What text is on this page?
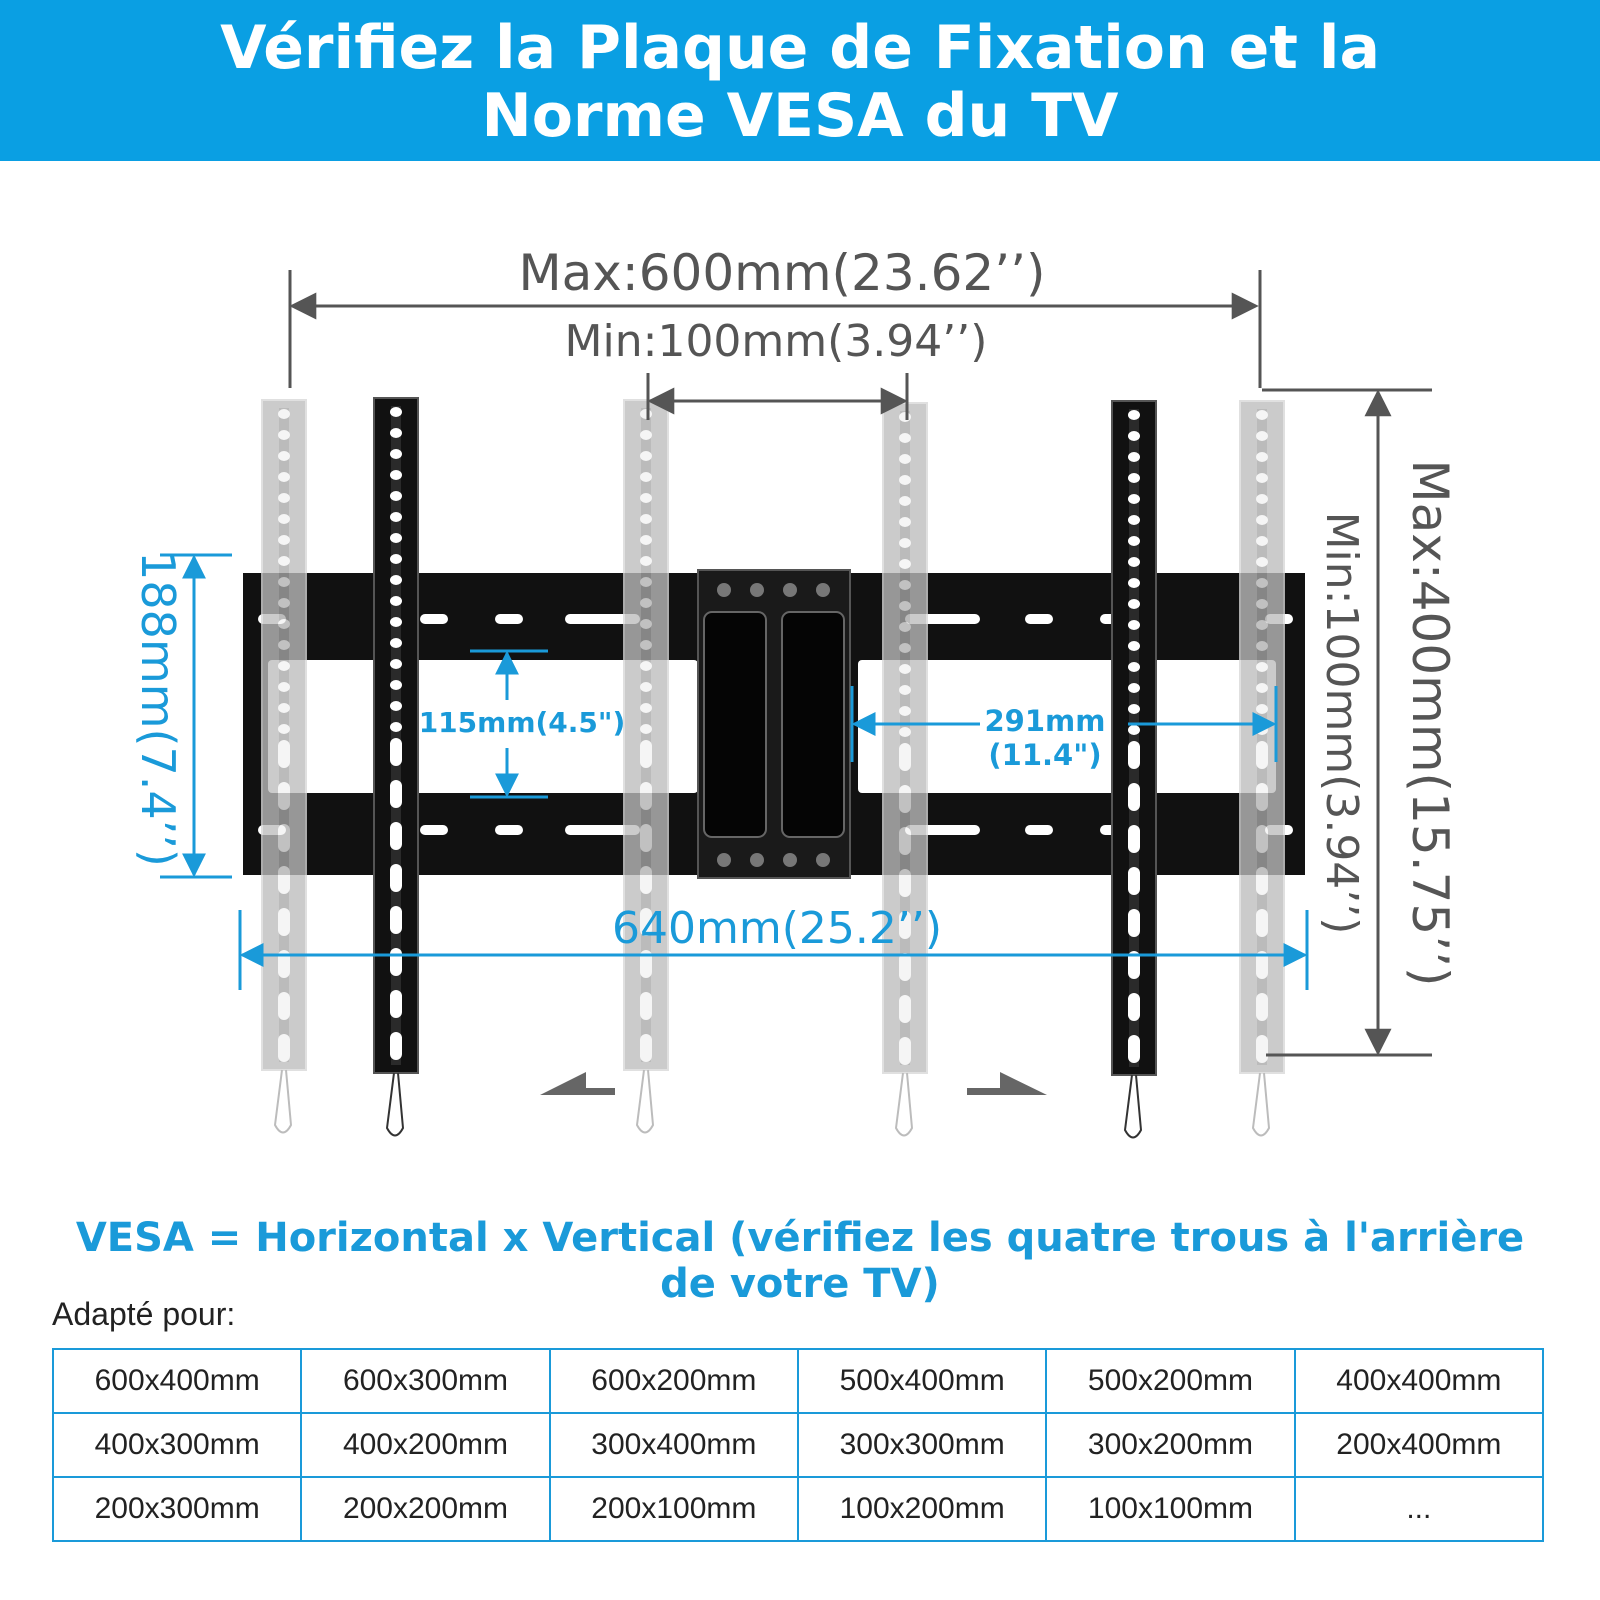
Vérifiez la Plaque de Fixation et la
Norme VESA du TV
Max:600mm(23.62’’)
Min:100mm(3.94’’)
Max:400mm(15.75’’)
Min:100mm(3.94’’)
188mm(7.4’’)	115mm(4.5")	291mm
(11.4")
640mm(25.2’’)
VESA = Horizontal x Vertical (vérifiez les quatre trous à l'arrière
de votre TV)
Adapté pour:
600x400mm	600x300mm	600x200mm	500x400mm	500x200mm	400x400mm
400x300mm	400x200mm	300x400mm	300x300mm	300x200mm	200x400mm
200x300mm	200x200mm	200x100mm	100x200mm	100x100mm	...
